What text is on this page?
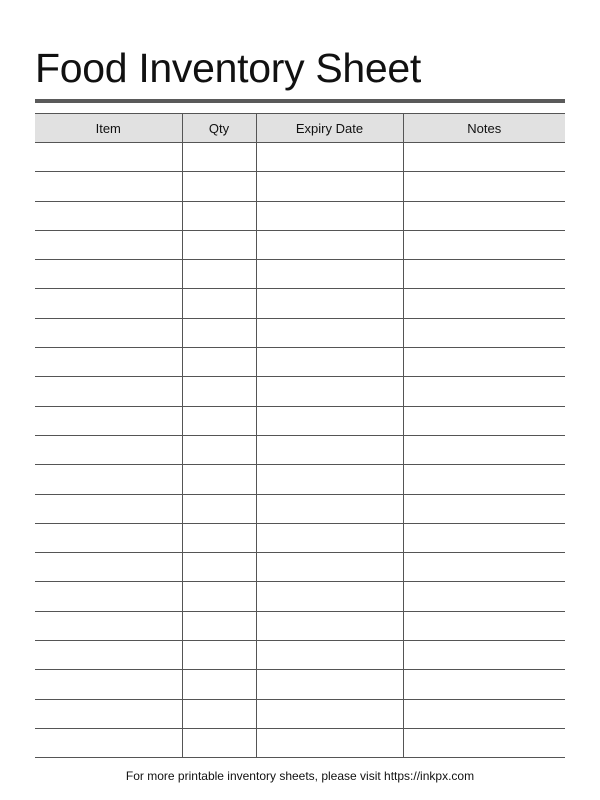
Food Inventory Sheet
Item	Qty	Expiry Date	Notes

For more printable inventory sheets, please visit https://inkpx.com
